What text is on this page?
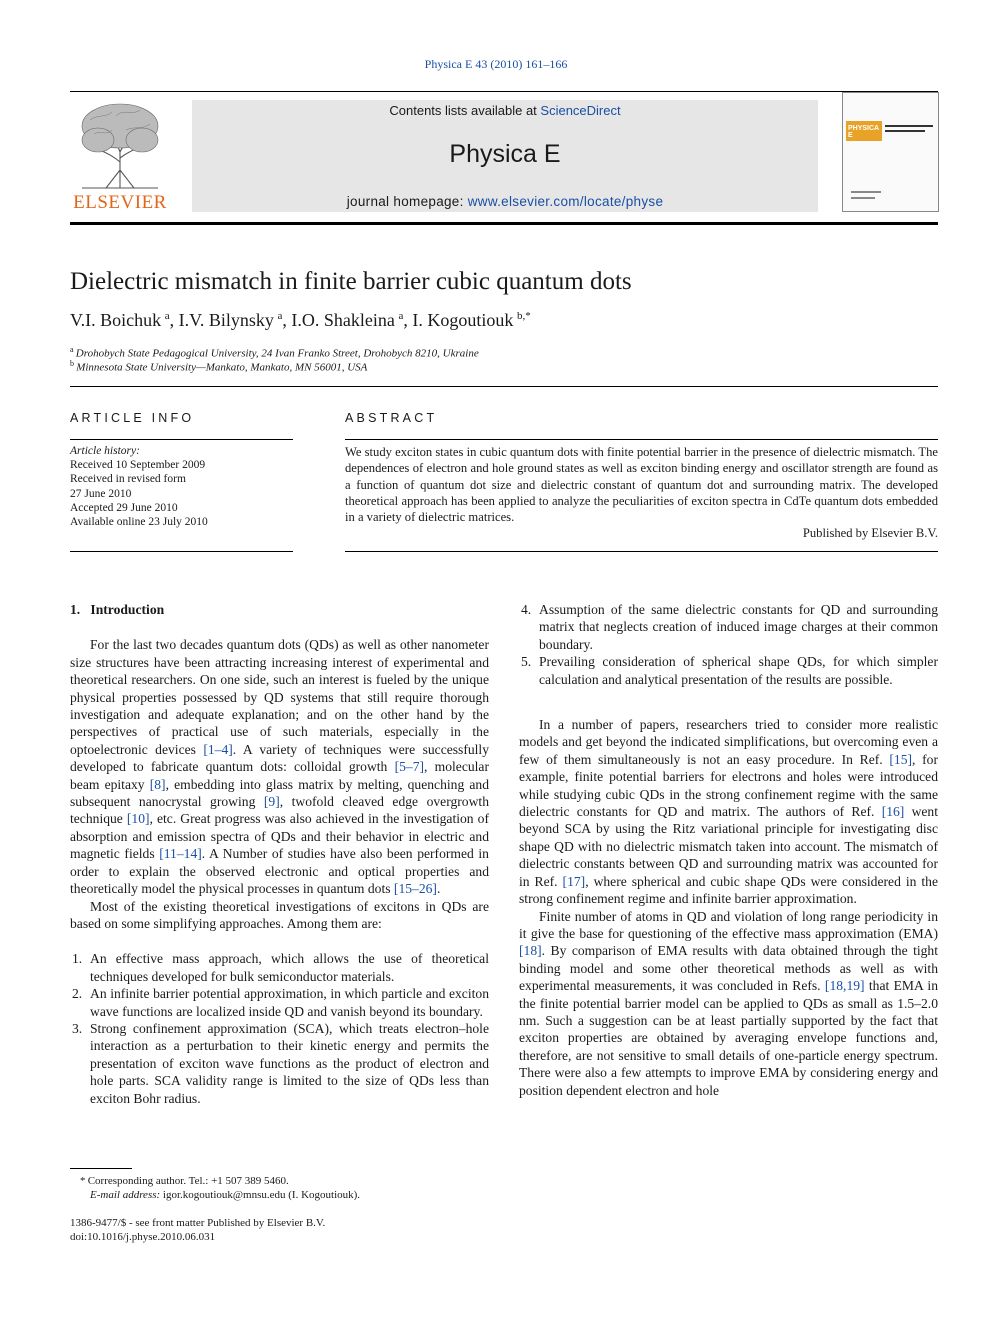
Physica E 43 (2010) 161–166
ELSEVIER
Contents lists available at ScienceDirect
Physica E
journal homepage: www.elsevier.com/locate/physe
PHYSICA E
Dielectric mismatch in finite barrier cubic quantum dots
V.I. Boichuk  $^a$, I.V. Bilynsky  $^a$, I.O. Shakleina  $^a$, I. Kogoutiouk  $^{b,*}$
$^a$  Drohobych State Pedagogical University, 24 Ivan Franko Street, Drohobych 8210, Ukraine
$^b$  Minnesota State University—Mankato, Mankato, MN 56001, USA
ARTICLE INFO
Article history:
Received 10 September 2009
Received in revised form
27 June 2010
Accepted 29 June 2010
Available online 23 July 2010
ABSTRACT
We study exciton states in cubic quantum dots with finite potential barrier in the presence of dielectric mismatch. The dependences of electron and hole ground states as well as exciton binding energy and oscillator strength are found as a function of quantum dot size and dielectric constant of quantum dot and surrounding matrix. The developed theoretical approach has been applied to analyze the peculiarities of exciton spectra in CdTe quantum dots embedded in a variety of dielectric matrices.
Published by Elsevier B.V.

1. Introduction

For the last two decades quantum dots (QDs) as well as other nanometer size structures have been attracting increasing interest of experimental and theoretical researchers. On one side, such an interest is fueled by the unique physical properties possessed by QD systems that still require thorough investigation and adequate explanation; and on the other hand by the perspectives of practical use of such materials, especially in the optoelectronic devices [1–4]. A variety of techniques were successfully developed to fabricate quantum dots: colloidal growth [5–7], molecular beam epitaxy [8], embedding into glass matrix by melting, quenching and subsequent nanocrystal growing [9], twofold cleaved edge overgrowth technique [10], etc. Great progress was also achieved in the investigation of absorption and emission spectra of QDs and their behavior in electric and magnetic fields [11–14]. A Number of studies have also been performed in order to explain the observed electronic and optical properties and theoretically model the physical processes in quantum dots [15–26].

Most of the existing theoretical investigations of excitons in QDs are based on some simplifying approaches. Among them are:

1. An effective mass approach, which allows the use of theoretical techniques developed for bulk semiconductor materials.
2. An infinite barrier potential approximation, in which particle and exciton wave functions are localized inside QD and vanish beyond its boundary.
3. Strong confinement approximation (SCA), which treats electron–hole interaction as a perturbation to their kinetic energy and permits the presentation of exciton wave functions as the product of electron and hole parts. SCA validity range is limited to the size of QDs less than exciton Bohr radius.
4. Assumption of the same dielectric constants for QD and surrounding matrix that neglects creation of induced image charges at their common boundary.
5. Prevailing consideration of spherical shape QDs, for which simpler calculation and analytical presentation of the results are possible.

In a number of papers, researchers tried to consider more realistic models and get beyond the indicated simplifications, but overcoming even a few of them simultaneously is not an easy procedure. In Ref. [15], for example, finite potential barriers for electrons and holes were introduced while studying cubic QDs in the strong confinement regime with the same dielectric constants for QD and matrix. The authors of Ref. [16] went beyond SCA by using the Ritz variational principle for investigating disc shape QD with no dielectric mismatch taken into account. The mismatch of dielectric constants between QD and surrounding matrix was accounted for in Ref. [17], where spherical and cubic shape QDs were considered in the strong confinement regime and infinite barrier approximation.

Finite number of atoms in QD and violation of long range periodicity in it give the base for questioning of the effective mass approximation (EMA) [18]. By comparison of EMA results with data obtained through the tight binding model and some other theoretical methods as well as with experimental measurements, it was concluded in Refs. [18,19] that EMA in the finite potential barrier model can be applied to QDs as small as 1.5–2.0 nm. Such a suggestion can be at least partially supported by the fact that exciton properties are obtained by averaging envelope functions and, therefore, are not sensitive to small details of one-particle energy spectrum. There were also a few attempts to improve EMA by considering energy and position dependent electron and hole

* Corresponding author. Tel.: +1 507 389 5460.
E-mail address: igor.kogoutiouk@mnsu.edu (I. Kogoutiouk).
1386-9477/$ - see front matter Published by Elsevier B.V.
doi:10.1016/j.physe.2010.06.031
